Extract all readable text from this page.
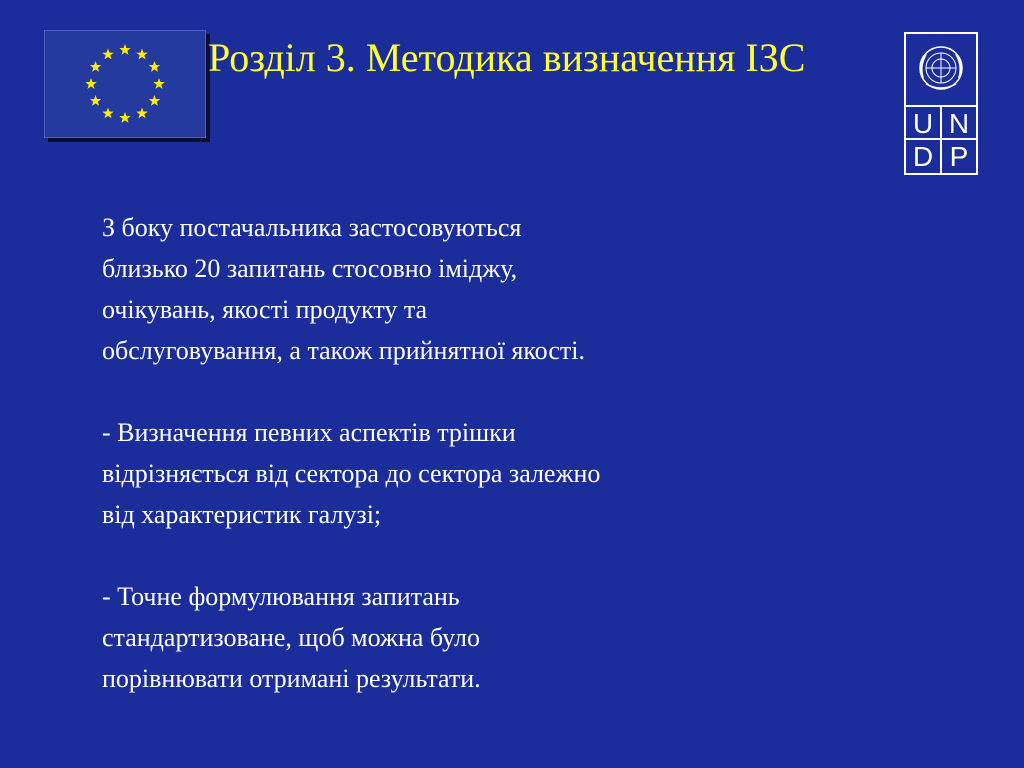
Розділ 3. Методика визначення ІЗС
U N
D P

З боку постачальника застосовуються
близько 20 запитань стосовно іміджу,
очікувань, якості продукту та
обслуговування, а також прийнятної якості.

- Визначення певних аспектів трішки
відрізняється від сектора до сектора залежно
від характеристик галузі;

- Точне формулювання запитань
стандартизоване, щоб можна було
порівнювати отримані результати.
